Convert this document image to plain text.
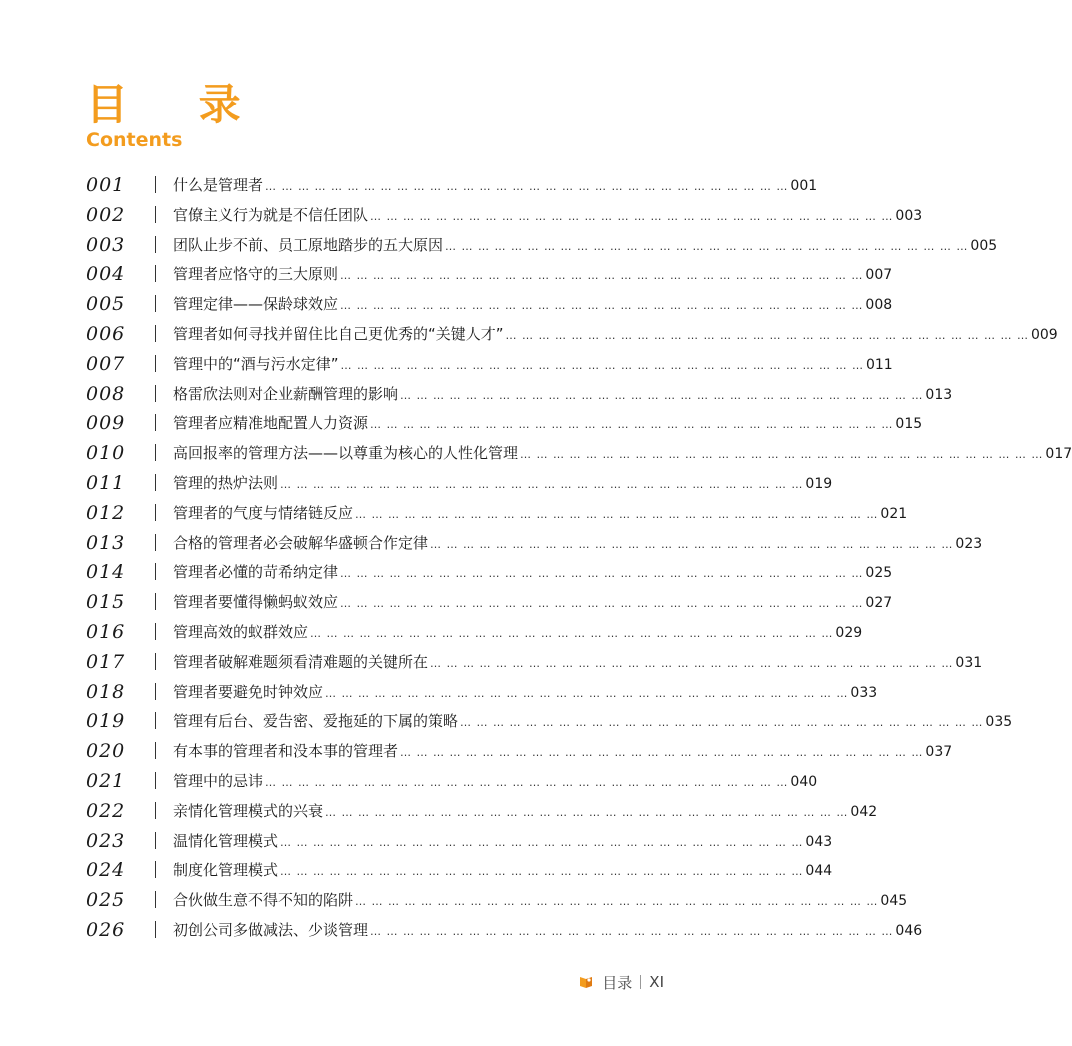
目 录
Contents
001	什么是管理者 … … … … … … … … … … … … … … … … … … … … … … … … … … … … … … … … 001
002	官僚主义行为就是不信任团队 … … … … … … … … … … … … … … … … … … … … … … … … … … … … … … … … 003
003	团队止步不前、员工原地踏步的五大原因 … … … … … … … … … … … … … … … … … … … … … … … … … … … … … … … … 005
004	管理者应恪守的三大原则 … … … … … … … … … … … … … … … … … … … … … … … … … … … … … … … … 007
005	管理定律——保龄球效应 … … … … … … … … … … … … … … … … … … … … … … … … … … … … … … … … 008
006	管理者如何寻找并留住比自己更优秀的“关键人才” … … … … … … … … … … … … … … … … … … … … … … … … … … … … … … … … 009
007	管理中的“酒与污水定律” … … … … … … … … … … … … … … … … … … … … … … … … … … … … … … … … 011
008	格雷欣法则对企业薪酬管理的影响 … … … … … … … … … … … … … … … … … … … … … … … … … … … … … … … … 013
009	管理者应精准地配置人力资源 … … … … … … … … … … … … … … … … … … … … … … … … … … … … … … … … 015
010	高回报率的管理方法——以尊重为核心的人性化管理 … … … … … … … … … … … … … … … … … … … … … … … … … … … … … … … … 017
011	管理的热炉法则 … … … … … … … … … … … … … … … … … … … … … … … … … … … … … … … … 019
012	管理者的气度与情绪链反应 … … … … … … … … … … … … … … … … … … … … … … … … … … … … … … … … 021
013	合格的管理者必会破解华盛顿合作定律 … … … … … … … … … … … … … … … … … … … … … … … … … … … … … … … … 023
014	管理者必懂的苛希纳定律 … … … … … … … … … … … … … … … … … … … … … … … … … … … … … … … … 025
015	管理者要懂得懒蚂蚁效应 … … … … … … … … … … … … … … … … … … … … … … … … … … … … … … … … 027
016	管理高效的蚁群效应 … … … … … … … … … … … … … … … … … … … … … … … … … … … … … … … … 029
017	管理者破解难题须看清难题的关键所在 … … … … … … … … … … … … … … … … … … … … … … … … … … … … … … … … 031
018	管理者要避免时钟效应 … … … … … … … … … … … … … … … … … … … … … … … … … … … … … … … … 033
019	管理有后台、爱告密、爱拖延的下属的策略 … … … … … … … … … … … … … … … … … … … … … … … … … … … … … … … … 035
020	有本事的管理者和没本事的管理者 … … … … … … … … … … … … … … … … … … … … … … … … … … … … … … … … 037
021	管理中的忌讳 … … … … … … … … … … … … … … … … … … … … … … … … … … … … … … … … 040
022	亲情化管理模式的兴衰 … … … … … … … … … … … … … … … … … … … … … … … … … … … … … … … … 042
023	温情化管理模式 … … … … … … … … … … … … … … … … … … … … … … … … … … … … … … … … 043
024	制度化管理模式 … … … … … … … … … … … … … … … … … … … … … … … … … … … … … … … … 044
025	合伙做生意不得不知的陷阱 … … … … … … … … … … … … … … … … … … … … … … … … … … … … … … … … 045
026	初创公司多做减法、少谈管理 … … … … … … … … … … … … … … … … … … … … … … … … … … … … … … … … 046
目录 XI
